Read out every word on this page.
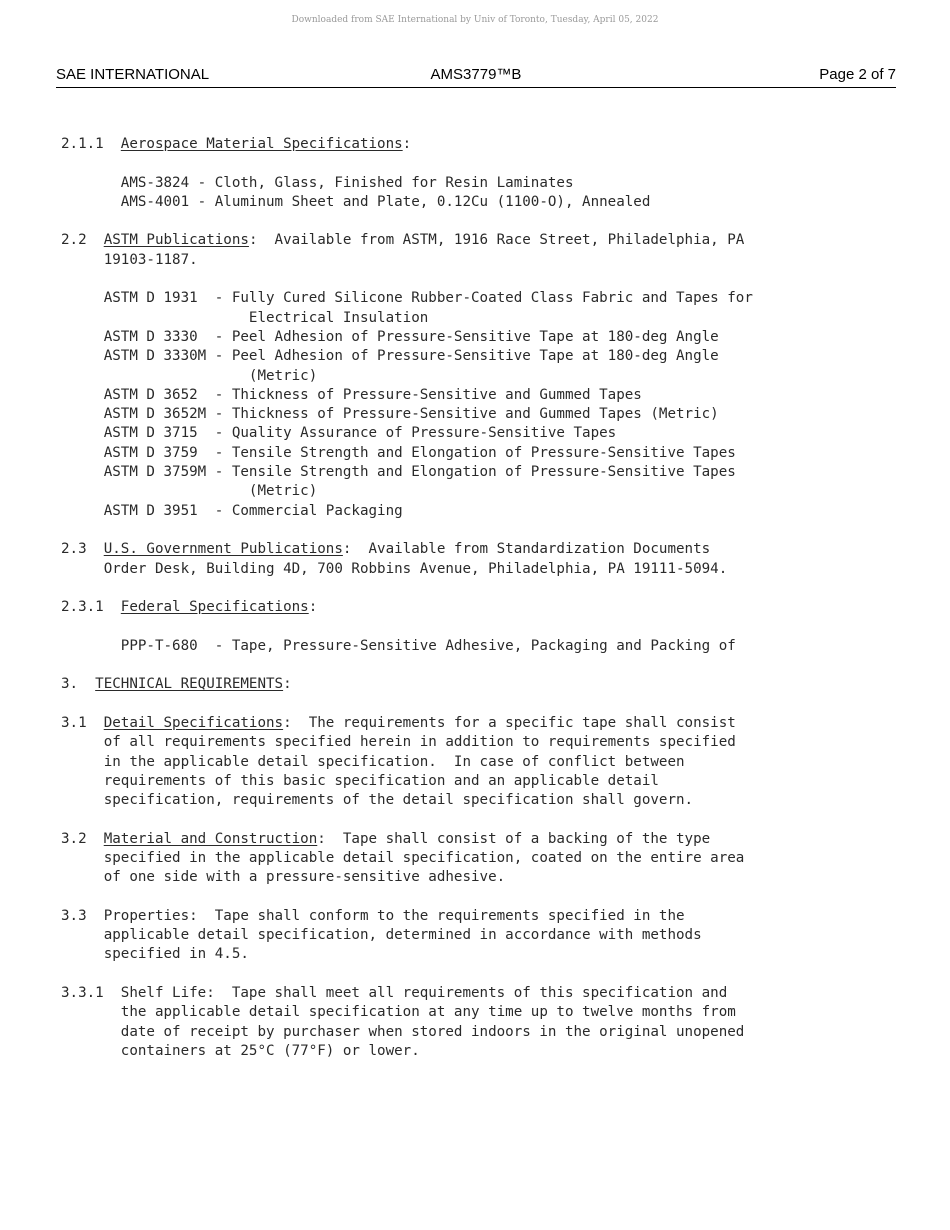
Downloaded from SAE International by Univ of Toronto, Tuesday, April 05, 2022
AMS3779™B
SAE INTERNATIONAL	Page 2 of 7
2.1.1  Aerospace Material Specifications:
AMS-3824 - Cloth, Glass, Finished for Resin Laminates
AMS-4001 - Aluminum Sheet and Plate, 0.12Cu (1100-O), Annealed
2.2  ASTM Publications:  Available from ASTM, 1916 Race Street, Philadelphia, PA
19103-1187.
ASTM D 1931  - Fully Cured Silicone Rubber-Coated Class Fabric and Tapes for
Electrical Insulation
ASTM D 3330  - Peel Adhesion of Pressure-Sensitive Tape at 180-deg Angle
ASTM D 3330M - Peel Adhesion of Pressure-Sensitive Tape at 180-deg Angle
(Metric)
ASTM D 3652  - Thickness of Pressure-Sensitive and Gummed Tapes
ASTM D 3652M - Thickness of Pressure-Sensitive and Gummed Tapes (Metric)
ASTM D 3715  - Quality Assurance of Pressure-Sensitive Tapes
ASTM D 3759  - Tensile Strength and Elongation of Pressure-Sensitive Tapes
ASTM D 3759M - Tensile Strength and Elongation of Pressure-Sensitive Tapes
(Metric)
ASTM D 3951  - Commercial Packaging
2.3  U.S. Government Publications:  Available from Standardization Documents
Order Desk, Building 4D, 700 Robbins Avenue, Philadelphia, PA 19111-5094.
2.3.1  Federal Specifications:
PPP-T-680  - Tape, Pressure-Sensitive Adhesive, Packaging and Packing of
3.  TECHNICAL REQUIREMENTS:
3.1  Detail Specifications:  The requirements for a specific tape shall consist
of all requirements specified herein in addition to requirements specified
in the applicable detail specification.  In case of conflict between
requirements of this basic specification and an applicable detail
specification, requirements of the detail specification shall govern.
3.2  Material and Construction:  Tape shall consist of a backing of the type
specified in the applicable detail specification, coated on the entire area
of one side with a pressure-sensitive adhesive.
3.3  Properties:  Tape shall conform to the requirements specified in the
applicable detail specification, determined in accordance with methods
specified in 4.5.
3.3.1  Shelf Life:  Tape shall meet all requirements of this specification and
the applicable detail specification at any time up to twelve months from
date of receipt by purchaser when stored indoors in the original unopened
containers at 25°C (77°F) or lower.
